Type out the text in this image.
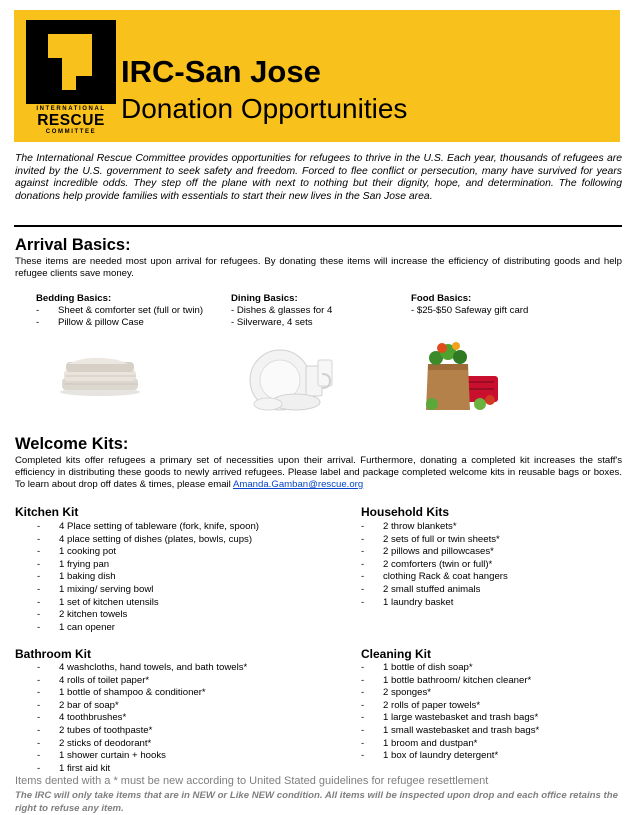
INTERNATIONAL
RESCUE
COMMITTEE
IRC-San Jose
Donation Opportunities
The International Rescue Committee provides opportunities for refugees to thrive in the U.S. Each year, thousands of refugees are invited by the U.S. government to seek safety and freedom. Forced to flee conflict or persecution, many have survived for years against incredible odds. They step off the plane with next to nothing but their dignity, hope, and determination. The following donations help provide families with essentials to start their new lives in the San Jose area.
Arrival Basics:
These items are needed most upon arrival for refugees. By donating these items will increase the efficiency of distributing goods and help refugee clients save money.
Bedding Basics:
- Sheet & comforter set (full or twin)
- Pillow & pillow Case
Dining Basics:
- Dishes & glasses for 4
- Silverware, 4 sets
Food Basics:
- $25-$50 Safeway gift card
Welcome Kits:
Completed kits offer refugees a primary set of necessities upon their arrival. Furthermore, donating a completed kit increases the staff's efficiency in distributing these goods to newly arrived refugees. Please label and package completed welcome kits in reusable bags or boxes. To learn about drop off dates & times, please email Amanda.Gamban@rescue.org
Kitchen Kit
- 4 Place setting of tableware (fork, knife, spoon)
- 4 place setting of dishes (plates, bowls, cups)
- 1 cooking pot
- 1 frying pan
- 1 baking dish
- 1 mixing/ serving bowl
- 1 set of kitchen utensils
- 2 kitchen towels
- 1 can opener
Household Kits
- 2 throw blankets*
- 2 sets of full or twin sheets*
- 2 pillows and pillowcases*
- 2 comforters (twin or full)*
- clothing Rack & coat hangers
- 2 small stuffed animals
- 1 laundry basket
Bathroom Kit
- 4 washcloths, hand towels, and bath towels*
- 4 rolls of toilet paper*
- 1 bottle of shampoo & conditioner*
- 2 bar of soap*
- 4 toothbrushes*
- 2 tubes of toothpaste*
- 2 sticks of deodorant*
- 1 shower curtain + hooks
- 1 first aid kit
Cleaning Kit
- 1 bottle of dish soap*
- 1 bottle bathroom/ kitchen cleaner*
- 2 sponges*
- 2 rolls of paper towels*
- 1 large wastebasket and trash bags*
- 1 small wastebasket and trash bags*
- 1 broom and dustpan*
- 1 box of laundry detergent*
Items dented with a * must be new according to United Stated guidelines for refugee resettlement
The IRC will only take items that are in NEW or Like NEW condition. All items will be inspected upon drop and each office retains the right to refuse any item.
